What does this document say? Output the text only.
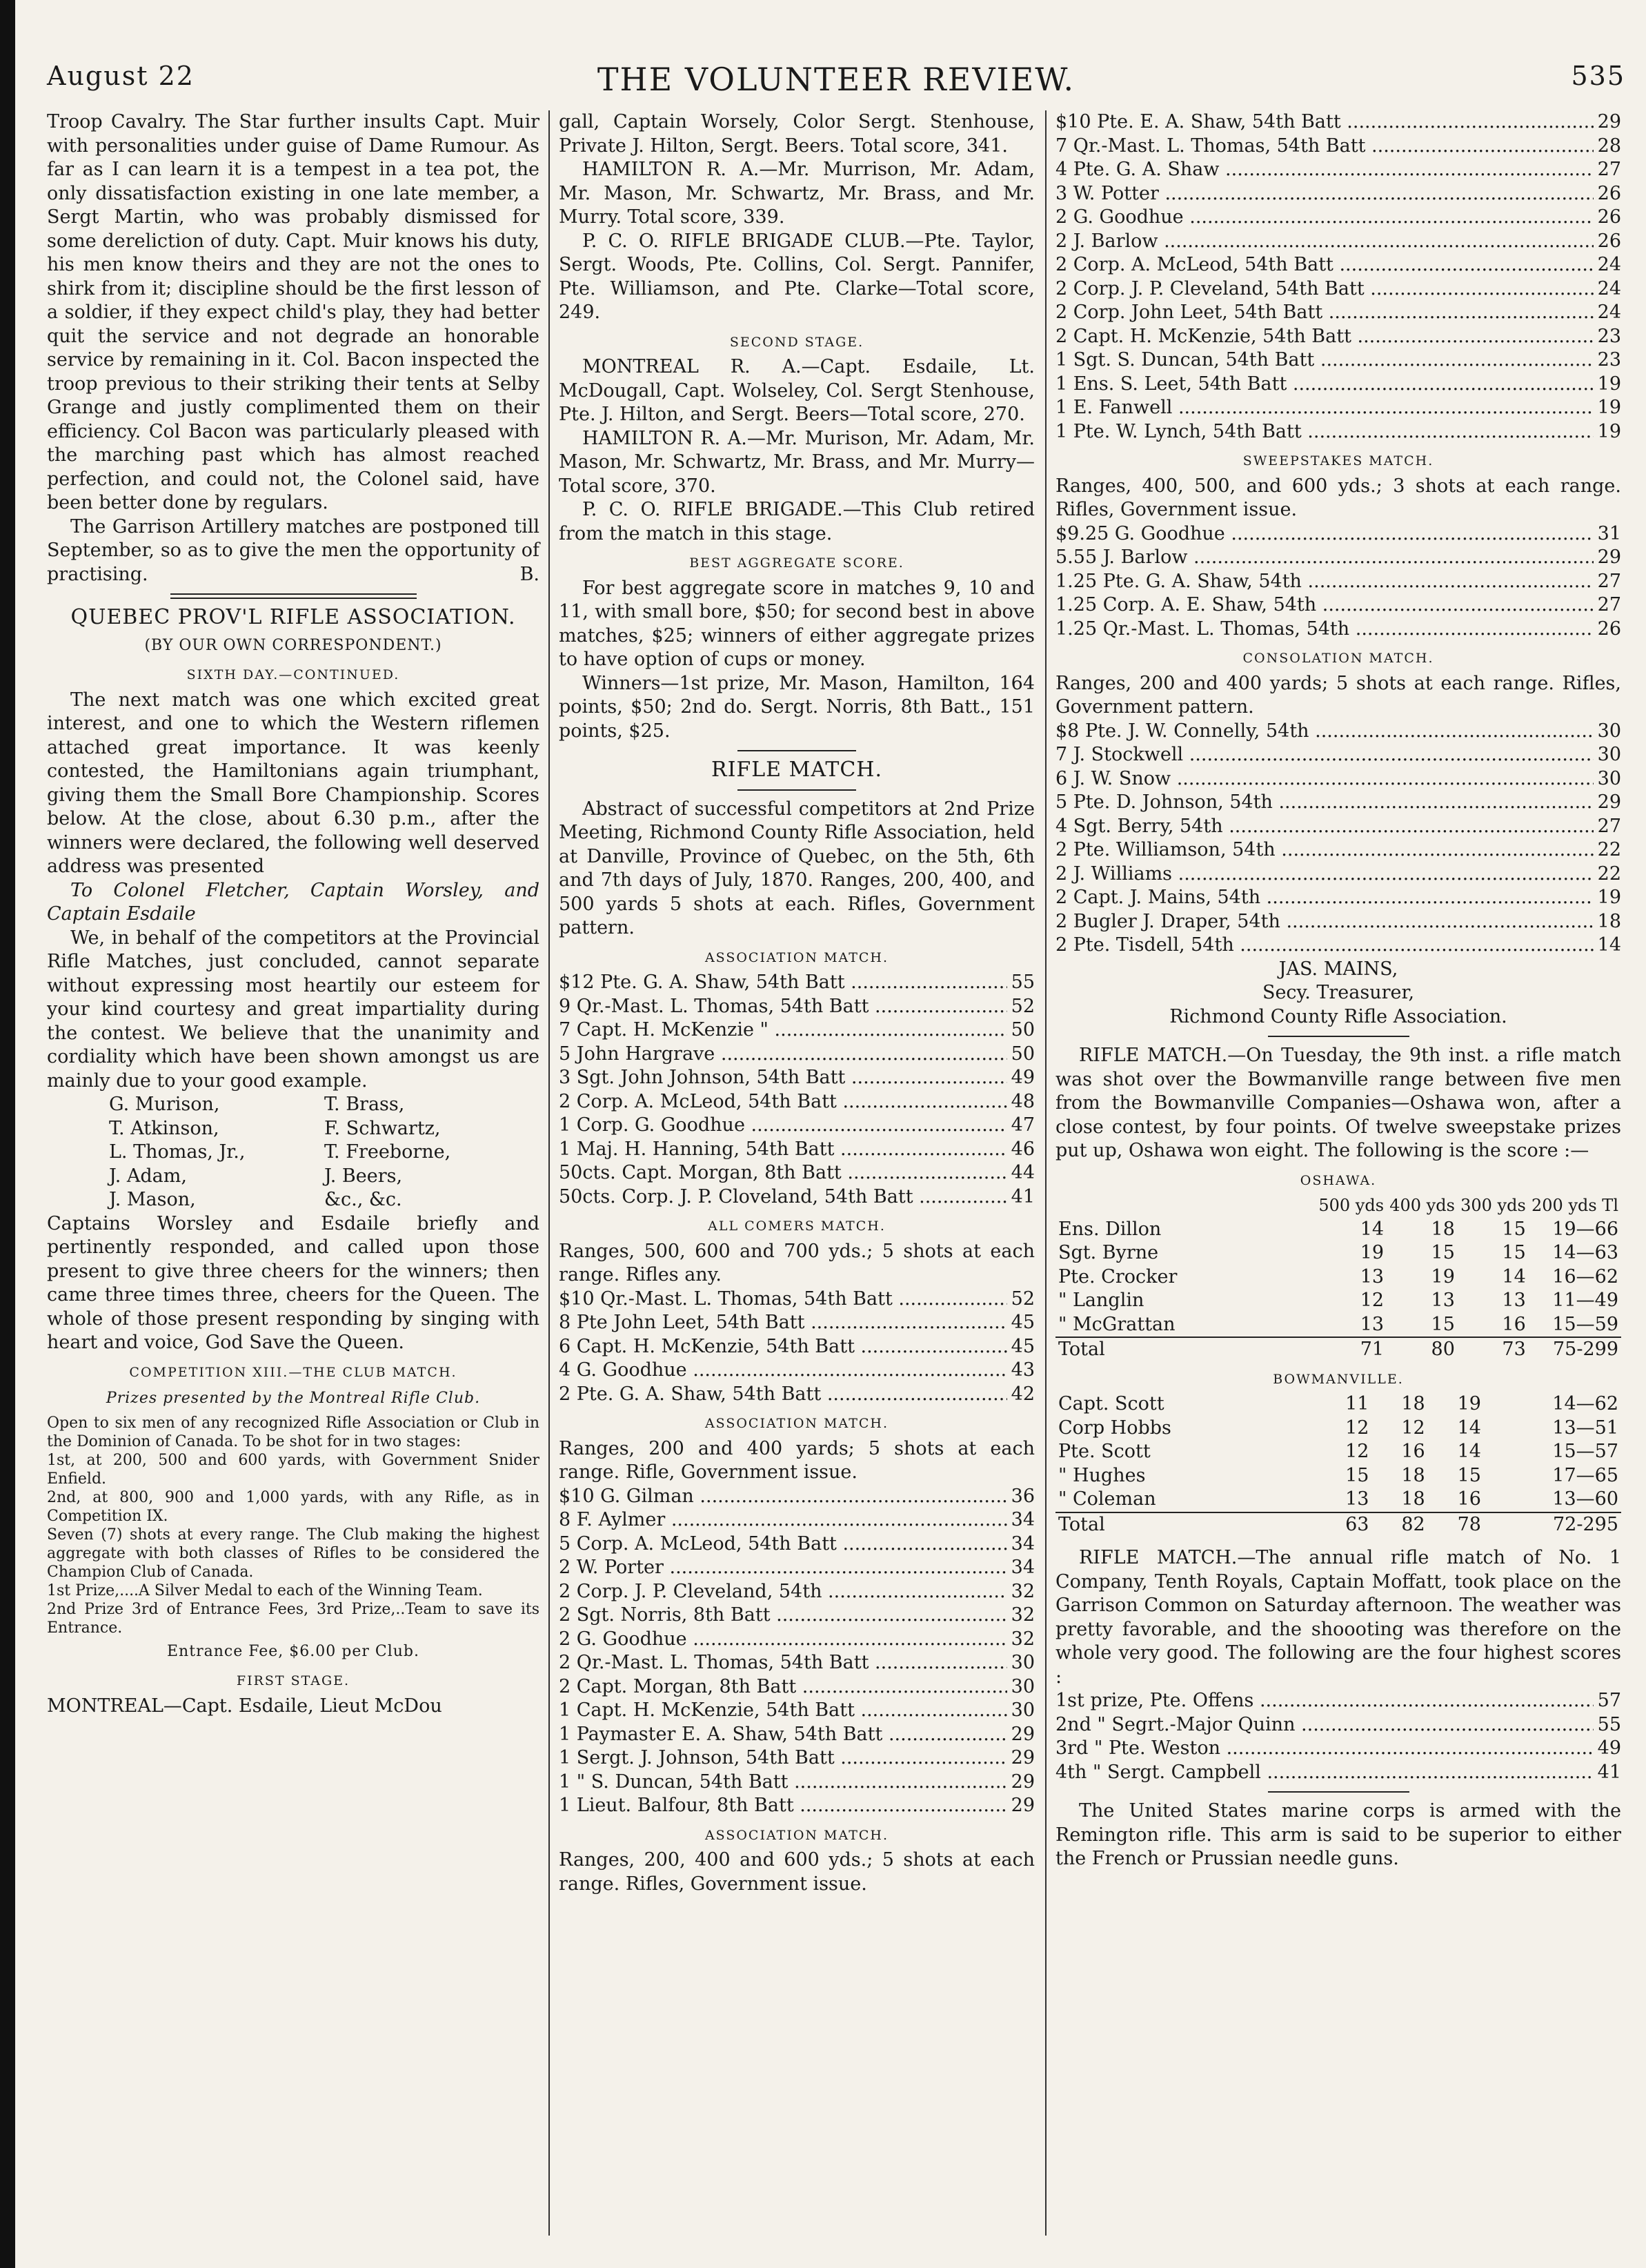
August 22	THE VOLUNTEER REVIEW.	535

Troop Cavalry. The Star further insults Capt. Muir with personalities under guise of Dame Rumour. As far as I can learn it is a tempest in a tea pot, the only dissatisfaction existing in one late member, a Sergt Martin, who was probably dismissed for some dereliction of duty. Capt. Muir knows his duty, his men know theirs and they are not the ones to shirk from it; discipline should be the first lesson of a soldier, if they expect child's play, they had better quit the service and not degrade an honorable service by remaining in it. Col. Bacon inspected the troop previous to their striking their tents at Selby Grange and justly complimented them on their efficiency. Col Bacon was particularly pleased with the marching past which has almost reached perfection, and could not, the Colonel said, have been better done by regulars.

The Garrison Artillery matches are postponed till September, so as to give the men the opportunity of practising.	B.

QUEBEC PROV'L RIFLE ASSOCIATION.
(BY OUR OWN CORRESPONDENT.)
SIXTH DAY.—CONTINUED.

The next match was one which excited great interest, and one to which the Western riflemen attached great importance. It was keenly contested, the Hamiltonians again triumphant, giving them the Small Bore Championship. Scores below. At the close, about 6.30 p.m., after the winners were declared, the following well deserved address was presented

To Colonel Fletcher, Captain Worsley, and Captain Esdaile

We, in behalf of the competitors at the Provincial Rifle Matches, just concluded, cannot separate without expressing most heartily our esteem for your kind courtesy and great impartiality during the contest. We believe that the unanimity and cordiality which have been shown amongst us are mainly due to your good example.

G. Murison,	T. Brass,
T. Atkinson,	F. Schwartz,
L. Thomas, Jr.,	T. Freeborne,
J. Adam,	J. Beers,
J. Mason,	&c., &c.

Captains Worsley and Esdaile briefly and pertinently responded, and called upon those present to give three cheers for the winners; then came three times three, cheers for the Queen. The whole of those present responding by singing with heart and voice, God Save the Queen.

COMPETITION XIII.—THE CLUB MATCH.
Prizes presented by the Montreal Rifle Club.
Open to six men of any recognized Rifle Association or Club in the Dominion of Canada. To be shot for in two stages:
1st, at 200, 500 and 600 yards, with Government Snider Enfield.
2nd, at 800, 900 and 1,000 yards, with any Rifle, as in Competition IX.
Seven (7) shots at every range. The Club making the highest aggregate with both classes of Rifles to be considered the Champion Club of Canada.
1st Prize,....A Silver Medal to each of the Winning Team.
2nd Prize 3rd of Entrance Fees, 3rd Prize,..Team to save its Entrance.
Entrance Fee, $6.00 per Club.
FIRST STAGE.
MONTREAL—Capt. Esdaile, Lieut McDou

gall, Captain Worsely, Color Sergt. Stenhouse, Private J. Hilton, Sergt. Beers. Total score, 341.

HAMILTON R. A.—Mr. Murrison, Mr. Adam, Mr. Mason, Mr. Schwartz, Mr. Brass, and Mr. Murry. Total score, 339.

P. C. O. RIFLE BRIGADE CLUB.—Pte. Taylor, Sergt. Woods, Pte. Collins, Col. Sergt. Pannifer, Pte. Williamson, and Pte. Clarke—Total score, 249.

SECOND STAGE.

MONTREAL R. A.—Capt. Esdaile, Lt. McDougall, Capt. Wolseley, Col. Sergt Stenhouse, Pte. J. Hilton, and Sergt. Beers—Total score, 270.

HAMILTON R. A.—Mr. Murison, Mr. Adam, Mr. Mason, Mr. Schwartz, Mr. Brass, and Mr. Murry—Total score, 370.

P. C. O. RIFLE BRIGADE.—This Club retired from the match in this stage.

BEST AGGREGATE SCORE.

For best aggregate score in matches 9, 10 and 11, with small bore, $50; for second best in above matches, $25; winners of either aggregate prizes to have option of cups or money.

Winners—1st prize, Mr. Mason, Hamilton, 164 points, $50; 2nd do. Sergt. Norris, 8th Batt., 151 points, $25.

RIFLE MATCH.

Abstract of successful competitors at 2nd Prize Meeting, Richmond County Rifle Association, held at Danville, Province of Quebec, on the 5th, 6th and 7th days of July, 1870. Ranges, 200, 400, and 500 yards 5 shots at each. Rifles, Government pattern.

ASSOCIATION MATCH.
$12 Pte. G. A. Shaw, 54th Batt .....	55
9 Qr.-Mast. L. Thomas, 54th Batt .....	52
7 Capt. H. McKenzie " .....	50
5 John Hargrave .....	50
3 Sgt. John Johnson, 54th Batt .....	49
2 Corp. A. McLeod, 54th Batt .....	48
1 Corp. G. Goodhue .....	47
1 Maj. H. Hanning, 54th Batt .....	46
50cts. Capt. Morgan, 8th Batt .....	44
50cts. Corp. J. P. Cloveland, 54th Batt .....	41
ALL COMERS MATCH.

Ranges, 500, 600 and 700 yds.; 5 shots at each range. Rifles any.

$10 Qr.-Mast. L. Thomas, 54th Batt .....	52
8 Pte John Leet, 54th Batt .....	45
6 Capt. H. McKenzie, 54th Batt .....	45
4 G. Goodhue .....	43
2 Pte. G. A. Shaw, 54th Batt .....	42
ASSOCIATION MATCH.

Ranges, 200 and 400 yards; 5 shots at each range. Rifle, Government issue.

$10 G. Gilman .....	36
8 F. Aylmer .....	34
5 Corp. A. McLeod, 54th Batt .....	34
2 W. Porter .....	34
2 Corp. J. P. Cleveland, 54th .....	32
2 Sgt. Norris, 8th Batt .....	32
2 G. Goodhue .....	32
2 Qr.-Mast. L. Thomas, 54th Batt .....	30
2 Capt. Morgan, 8th Batt .....	30
1 Capt. H. McKenzie, 54th Batt .....	30
1 Paymaster E. A. Shaw, 54th Batt .....	29
1 Sergt. J. Johnson, 54th Batt .....	29
1 " S. Duncan, 54th Batt .....	29
1 Lieut. Balfour, 8th Batt .....	29
ASSOCIATION MATCH.

Ranges, 200, 400 and 600 yds.; 5 shots at each range. Rifles, Government issue.

$10 Pte. E. A. Shaw, 54th Batt .....	29
7 Qr.-Mast. L. Thomas, 54th Batt .....	28
4 Pte. G. A. Shaw .....	27
3 W. Potter .....	26
2 G. Goodhue .....	26
2 J. Barlow .....	26
2 Corp. A. McLeod, 54th Batt .....	24
2 Corp. J. P. Cleveland, 54th Batt .....	24
2 Corp. John Leet, 54th Batt .....	24
2 Capt. H. McKenzie, 54th Batt .....	23
1 Sgt. S. Duncan, 54th Batt .....	23
1 Ens. S. Leet, 54th Batt .....	19
1 E. Fanwell .....	19
1 Pte. W. Lynch, 54th Batt .....	19
SWEEPSTAKES MATCH.

Ranges, 400, 500, and 600 yds.; 3 shots at each range. Rifles, Government issue.

$9.25 G. Goodhue .....	31
5.55 J. Barlow .....	29
1.25 Pte. G. A. Shaw, 54th .....	27
1.25 Corp. A. E. Shaw, 54th .....	27
1.25 Qr.-Mast. L. Thomas, 54th .....	26
CONSOLATION MATCH.

Ranges, 200 and 400 yards; 5 shots at each range. Rifles, Government pattern.

$8 Pte. J. W. Connelly, 54th .....	30
7 J. Stockwell .....	30
6 J. W. Snow .....	30
5 Pte. D. Johnson, 54th .....	29
4 Sgt. Berry, 54th .....	27
2 Pte. Williamson, 54th .....	22
2 J. Williams .....	22
2 Capt. J. Mains, 54th .....	19
2 Bugler J. Draper, 54th .....	18
2 Pte. Tisdell, 54th .....	14
JAS. MAINS,
Secy. Treasurer,
Richmond County Rifle Association.

RIFLE MATCH.—On Tuesday, the 9th inst. a rifle match was shot over the Bowmanville range between five men from the Bowmanville Companies—Oshawa won, after a close contest, by four points. Of twelve sweepstake prizes put up, Oshawa won eight. The following is the score :—

OSHAWA.
	500 yds	400 yds	300 yds	200 yds Tl
Ens. Dillon	14	18	15	19—66
Sgt. Byrne	19	15	15	14—63
Pte. Crocker	13	19	14	16—62
" Langlin	12	13	13	11—49
" McGrattan	13	15	16	15—59
Total	71	80	73	75-299
BOWMANVILLE.
Capt. Scott	11	18	19	14—62
Corp Hobbs	12	12	14	13—51
Pte. Scott	12	16	14	15—57
" Hughes	15	18	15	17—65
" Coleman	13	18	16	13—60
Total	63	82	78	72-295

RIFLE MATCH.—The annual rifle match of No. 1 Company, Tenth Royals, Captain Moffatt, took place on the Garrison Common on Saturday afternoon. The weather was pretty favorable, and the shoooting was therefore on the whole very good. The following are the four highest scores :

1st prize, Pte. Offens .....	57
2nd " Segrt.-Major Quinn .....	55
3rd " Pte. Weston .....	49
4th " Sergt. Campbell .....	41

The United States marine corps is armed with the Remington rifle. This arm is said to be superior to either the French or Prussian needle guns.
